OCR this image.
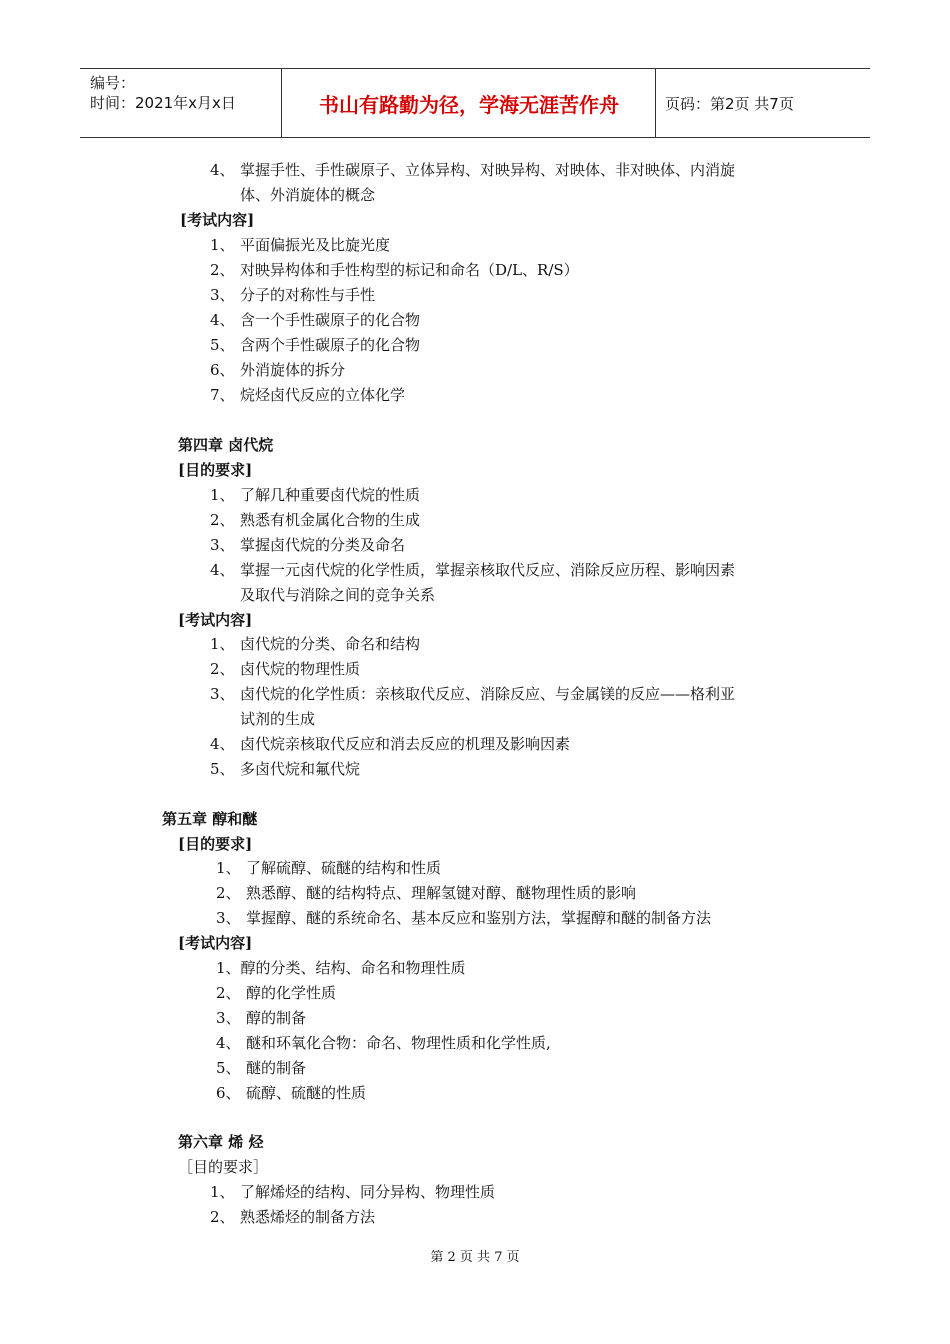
编号：
时间：2021年x月x日	书山有路勤为径，学海无涯苦作舟	页码：第2页 共7页
4、 掌握手性、手性碳原子、立体异构、对映异构、对映体、非对映体、内消旋
体、外消旋体的概念
[考试内容]
1、 平面偏振光及比旋光度
2、 对映异构体和手性构型的标记和命名（D/L、R/S）
3、 分子的对称性与手性
4、 含一个手性碳原子的化合物
5、 含两个手性碳原子的化合物
6、 外消旋体的拆分
7、 烷烃卤代反应的立体化学
第四章 卤代烷
[目的要求]
1、 了解几种重要卤代烷的性质
2、 熟悉有机金属化合物的生成
3、 掌握卤代烷的分类及命名
4、 掌握一元卤代烷的化学性质，掌握亲核取代反应、消除反应历程、影响因素
及取代与消除之间的竞争关系
[考试内容]
1、 卤代烷的分类、命名和结构
2、 卤代烷的物理性质
3、 卤代烷的化学性质：亲核取代反应、消除反应、与金属镁的反应——格利亚
试剂的生成
4、 卤代烷亲核取代反应和消去反应的机理及影响因素
5、 多卤代烷和氟代烷
第五章 醇和醚
[目的要求]
1、 了解硫醇、硫醚的结构和性质
2、 熟悉醇、醚的结构特点、理解氢键对醇、醚物理性质的影响
3、 掌握醇、醚的系统命名、基本反应和鉴别方法，掌握醇和醚的制备方法
[考试内容]
1、醇的分类、结构、命名和物理性质
2、 醇的化学性质
3、 醇的制备
4、 醚和环氧化合物：命名、物理性质和化学性质,
5、 醚的制备
6、 硫醇、硫醚的性质
第六章 烯 烃
［目的要求］
1、 了解烯烃的结构、同分异构、物理性质
2、 熟悉烯烃的制备方法
第 2 页 共 7 页
